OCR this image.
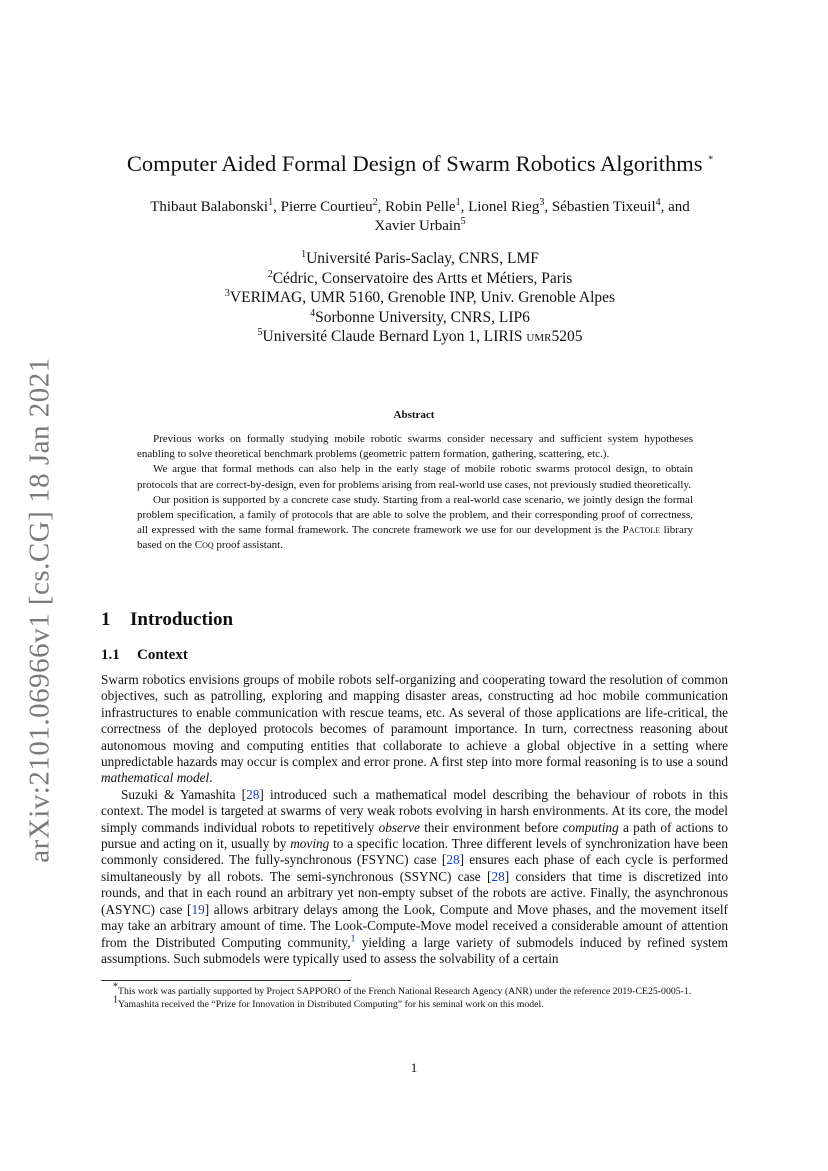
arXiv:2101.06966v1 [cs.CG] 18 Jan 2021
Computer Aided Formal Design of Swarm Robotics Algorithms *
Thibaut Balabonski$^1$, Pierre Courtieu$^2$, Robin Pelle$^1$, Lionel Rieg$^3$, Sébastien Tixeuil$^4$, and
Xavier Urbain$^5$
$^1$Université Paris-Saclay, CNRS, LMF
$^2$Cédric, Conservatoire des Artts et Métiers, Paris
$^3$VERIMAG, UMR 5160, Grenoble INP, Univ. Grenoble Alpes
$^4$Sorbonne University, CNRS, LIP6
$^5$Université Claude Bernard Lyon 1, LIRIS umr5205
Abstract

Previous works on formally studying mobile robotic swarms consider necessary and sufficient system hypotheses enabling to solve theoretical benchmark problems (geometric pattern formation, gathering, scattering, etc.).

We argue that formal methods can also help in the early stage of mobile robotic swarms protocol design, to obtain protocols that are correct-by-design, even for problems arising from real-world use cases, not previously studied theoretically.

Our position is supported by a concrete case study. Starting from a real-world case scenario, we jointly design the formal problem specification, a family of protocols that are able to solve the problem, and their corresponding proof of correctness, all expressed with the same formal framework. The concrete framework we use for our development is the Pactole library based on the Coq proof assistant.

1 Introduction
1.1 Context

Swarm robotics envisions groups of mobile robots self-organizing and cooperating toward the resolution of common objectives, such as patrolling, exploring and mapping disaster areas, constructing ad hoc mobile communication infrastructures to enable communication with rescue teams, etc. As several of those applications are life-critical, the correctness of the deployed protocols becomes of paramount importance. In turn, correctness reasoning about autonomous moving and computing entities that collaborate to achieve a global objective in a setting where unpredictable hazards may occur is complex and error prone. A first step into more formal reasoning is to use a sound mathematical model.

Suzuki & Yamashita [28] introduced such a mathematical model describing the behaviour of robots in this context. The model is targeted at swarms of very weak robots evolving in harsh environments. At its core, the model simply commands individual robots to repetitively observe their environment before computing a path of actions to pursue and acting on it, usually by moving to a specific location. Three different levels of synchronization have been commonly considered. The fully-synchronous (FSYNC) case [28] ensures each phase of each cycle is performed simultaneously by all robots. The semi-synchronous (SSYNC) case [28] considers that time is discretized into rounds, and that in each round an arbitrary yet non-empty subset of the robots are active. Finally, the asynchronous (ASYNC) case [19] allows arbitrary delays among the Look, Compute and Move phases, and the movement itself may take an arbitrary amount of time. The Look-Compute-Move model received a considerable amount of attention from the Distributed Computing community,$^1$ yielding a large variety of submodels induced by refined system assumptions. Such submodels were typically used to assess the solvability of a certain

*This work was partially supported by Project SAPPORO of the French National Research Agency (ANR) under the reference 2019-CE25-0005-1.

$^1$Yamashita received the “Prize for Innovation in Distributed Computing” for his seminal work on this model.

1
